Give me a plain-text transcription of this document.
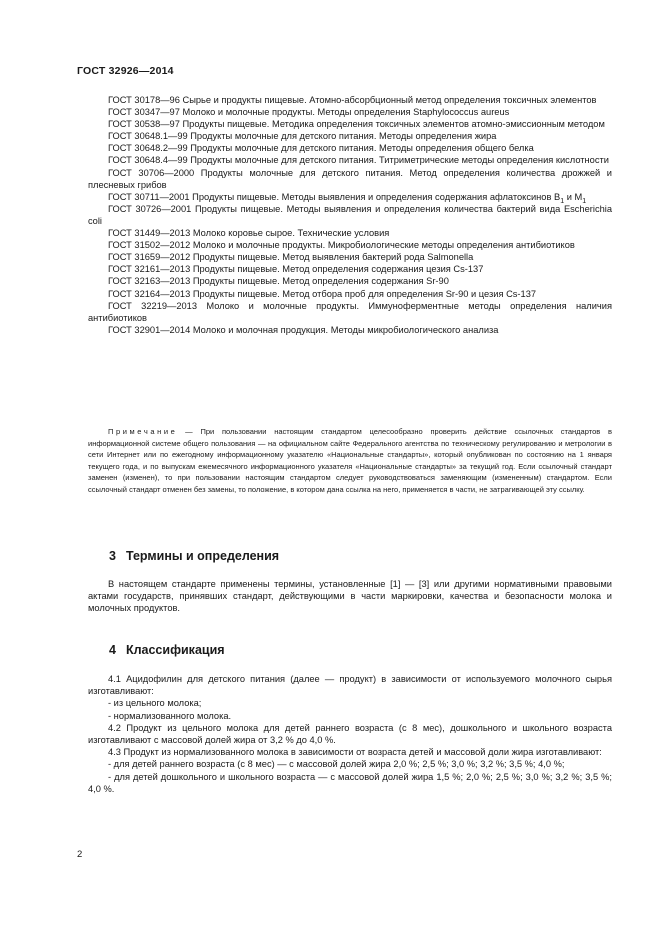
ГОСТ 32926—2014
ГОСТ 30178—96 Сырье и продукты пищевые. Атомно-абсорбционный метод определения токсичных элементов
ГОСТ 30347—97 Молоко и молочные продукты. Методы определения Staphylococcus aureus
ГОСТ 30538—97 Продукты пищевые. Методика определения токсичных элементов атомно-эмиссионным методом
ГОСТ 30648.1—99 Продукты молочные для детского питания. Методы определения жира
ГОСТ 30648.2—99 Продукты молочные для детского питания. Методы определения общего белка
ГОСТ 30648.4—99 Продукты молочные для детского питания. Титриметрические методы определения кислотности
ГОСТ 30706—2000 Продукты молочные для детского питания. Метод определения количества дрожжей и плесневых грибов
ГОСТ 30711—2001 Продукты пищевые. Методы выявления и определения содержания афлатоксинов $B_1$ и $M_1$
ГОСТ 30726—2001 Продукты пищевые. Методы выявления и определения количества бактерий вида Escherichia coli
ГОСТ 31449—2013 Молоко коровье сырое. Технические условия
ГОСТ 31502—2012 Молоко и молочные продукты. Микробиологические методы определения антибиотиков
ГОСТ 31659—2012 Продукты пищевые. Метод выявления бактерий рода Salmonella
ГОСТ 32161—2013 Продукты пищевые. Метод определения содержания цезия Cs-137
ГОСТ 32163—2013 Продукты пищевые. Метод определения содержания Sr-90
ГОСТ 32164—2013 Продукты пищевые. Метод отбора проб для определения Sr-90 и цезия Cs-137
ГОСТ 32219—2013 Молоко и молочные продукты. Иммуноферментные методы определения наличия антибиотиков
ГОСТ 32901—2014 Молоко и молочная продукция. Методы микробиологического анализа
Примечание — При пользовании настоящим стандартом целесообразно проверить действие ссылочных стандартов в информационной системе общего пользования — на официальном сайте Федерального агентства по техническому регулированию и метрологии в сети Интернет или по ежегодному информационному указателю «Национальные стандарты», который опубликован по состоянию на 1 января текущего года, и по выпускам ежемесячного информационного указателя «Национальные стандарты» за текущий год. Если ссылочный стандарт заменен (изменен), то при пользовании настоящим стандартом следует руководствоваться заменяющим (измененным) стандартом. Если ссылочный стандарт отменен без замены, то положение, в котором дана ссылка на него, применяется в части, не затрагивающей эту ссылку.
3 Термины и определения
В настоящем стандарте применены термины, установленные [1] — [3] или другими нормативными правовыми актами государств, принявших стандарт, действующими в части маркировки, качества и безопасности молока и молочных продуктов.
4 Классификация
4.1 Ацидофилин для детского питания (далее — продукт) в зависимости от используемого молочного сырья изготавливают:
- из цельного молока;
- нормализованного молока.
4.2 Продукт из цельного молока для детей раннего возраста (с 8 мес), дошкольного и школьного возраста изготавливают с массовой долей жира от 3,2 % до 4,0 %.
4.3 Продукт из нормализованного молока в зависимости от возраста детей и массовой доли жира изготавливают:
- для детей раннего возраста (с 8 мес) — с массовой долей жира 2,0 %; 2,5 %; 3,0 %; 3,2 %; 3,5 %; 4,0 %;
- для детей дошкольного и школьного возраста — с массовой долей жира 1,5 %; 2,0 %; 2,5 %; 3,0 %; 3,2 %; 3,5 %; 4,0 %.
2
